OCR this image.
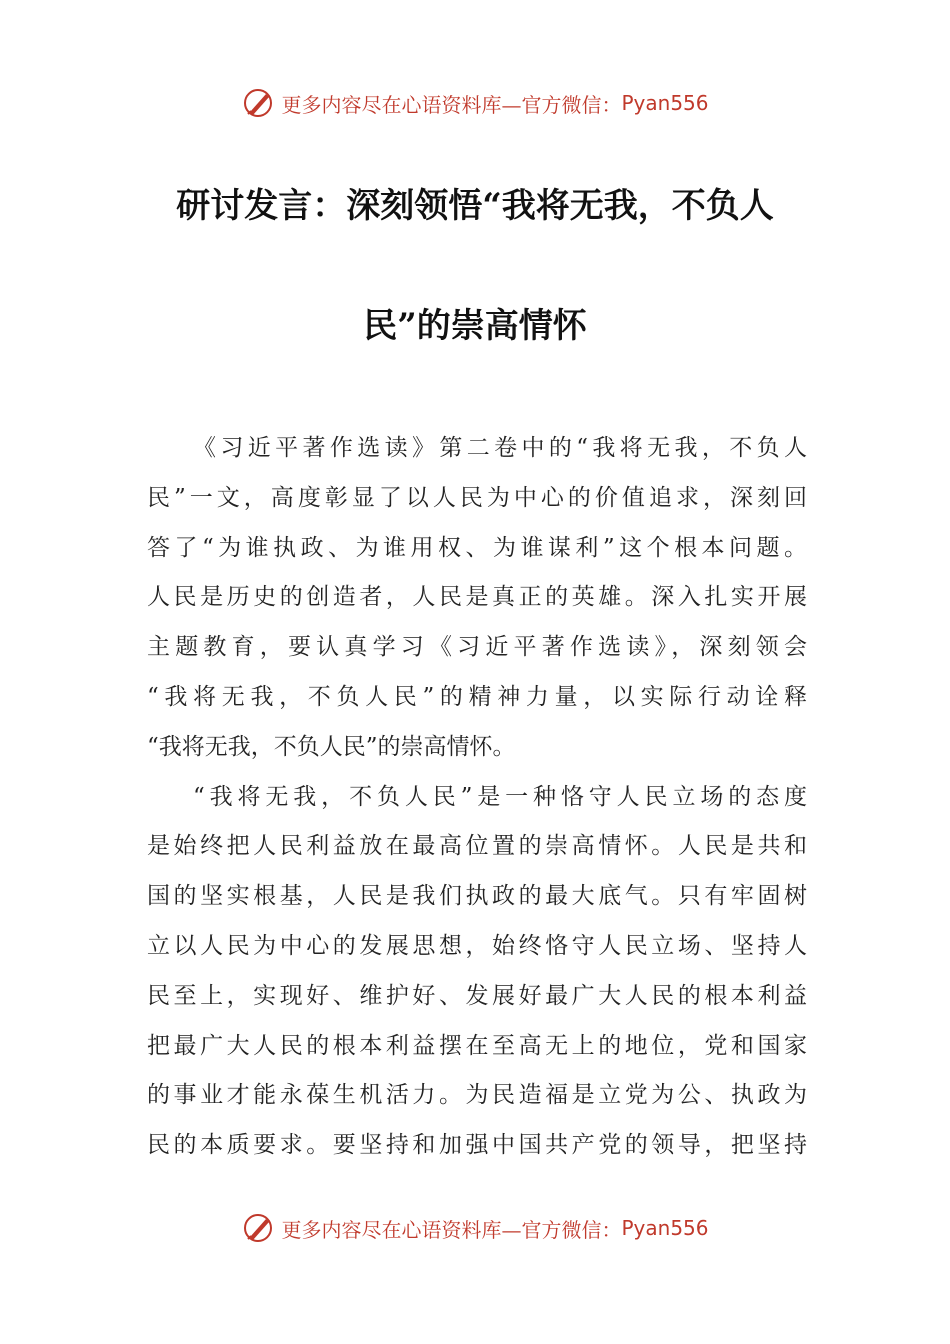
更多内容尽在心语资料库—官方微信： Pyan556
研讨发言：深刻领悟“我将无我，不负人
民”的崇高情怀
《习近平著作选读》第二卷中的“我将无我，不负人
民”一文，高度彰显了以人民为中心的价值追求，深刻回
答了“为谁执政、为谁用权、为谁谋利”这个根本问题。
人民是历史的创造者，人民是真正的英雄。深入扎实开展
主题教育，要认真学习《习近平著作选读》，深刻领会
“我将无我，不负人民”的精神力量，以实际行动诠释
“我将无我，不负人民”的崇高情怀。
“我将无我，不负人民”是一种恪守人民立场的态度
是始终把人民利益放在最高位置的崇高情怀。人民是共和
国的坚实根基，人民是我们执政的最大底气。只有牢固树
立以人民为中心的发展思想，始终恪守人民立场、坚持人
民至上，实现好、维护好、发展好最广大人民的根本利益
把最广大人民的根本利益摆在至高无上的地位，党和国家
的事业才能永葆生机活力。为民造福是立党为公、执政为
民的本质要求。要坚持和加强中国共产党的领导，把坚持
更多内容尽在心语资料库—官方微信： Pyan556
